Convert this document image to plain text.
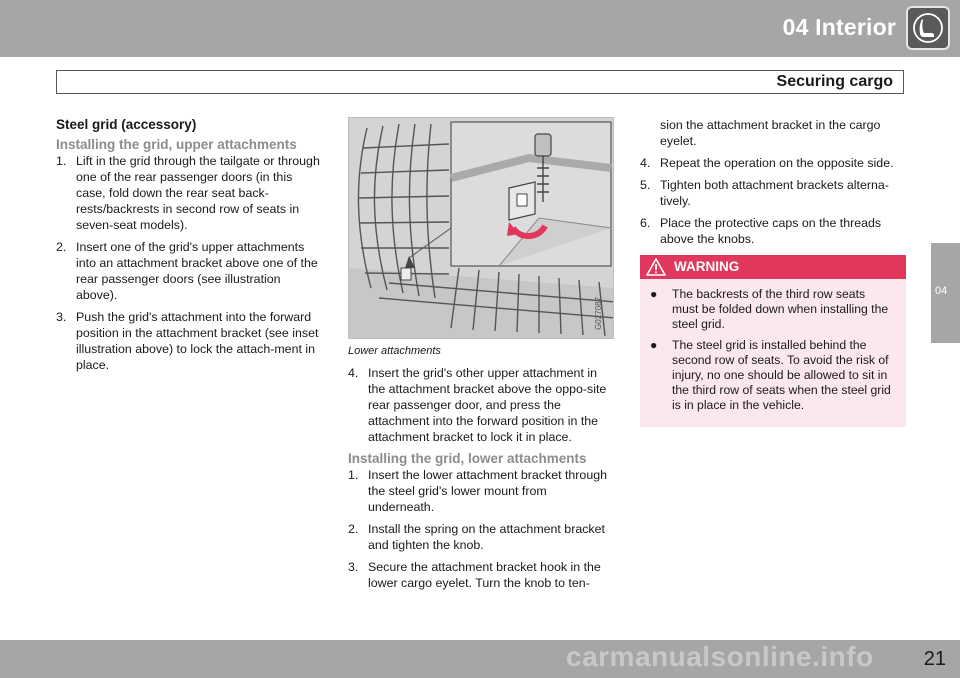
04 Interior
Securing cargo
04
Steel grid (accessory)
Installing the grid, upper attachments
1. Lift in the grid through the tailgate or through one of the rear passenger doors (in this case, fold down the rear seat back-rests/backrests in second row of seats in seven-seat models).
2. Insert one of the grid's upper attachments into an attachment bracket above one of the rear passenger doors (see illustration above).
3. Push the grid's attachment into the forward position in the attachment bracket (see inset illustration above) to lock the attach-ment in place.
G027087
Lower attachments
4. Insert the grid's other upper attachment in the attachment bracket above the oppo-site rear passenger door, and press the attachment into the forward position in the attachment bracket to lock it in place.
Installing the grid, lower attachments
1. Insert the lower attachment bracket through the steel grid's lower mount from underneath.
2. Install the spring on the attachment bracket and tighten the knob.
3. Secure the attachment bracket hook in the lower cargo eyelet. Turn the knob to ten-
sion the attachment bracket in the cargo eyelet.
4. Repeat the operation on the opposite side.
5. Tighten both attachment brackets alterna-tively.
6. Place the protective caps on the threads above the knobs.
WARNING
● The backrests of the third row seats must be folded down when installing the steel grid.
● The steel grid is installed behind the second row of seats. To avoid the risk of injury, no one should be allowed to sit in the third row of seats when the steel grid is in place in the vehicle.
21
carmanualsonline.info
